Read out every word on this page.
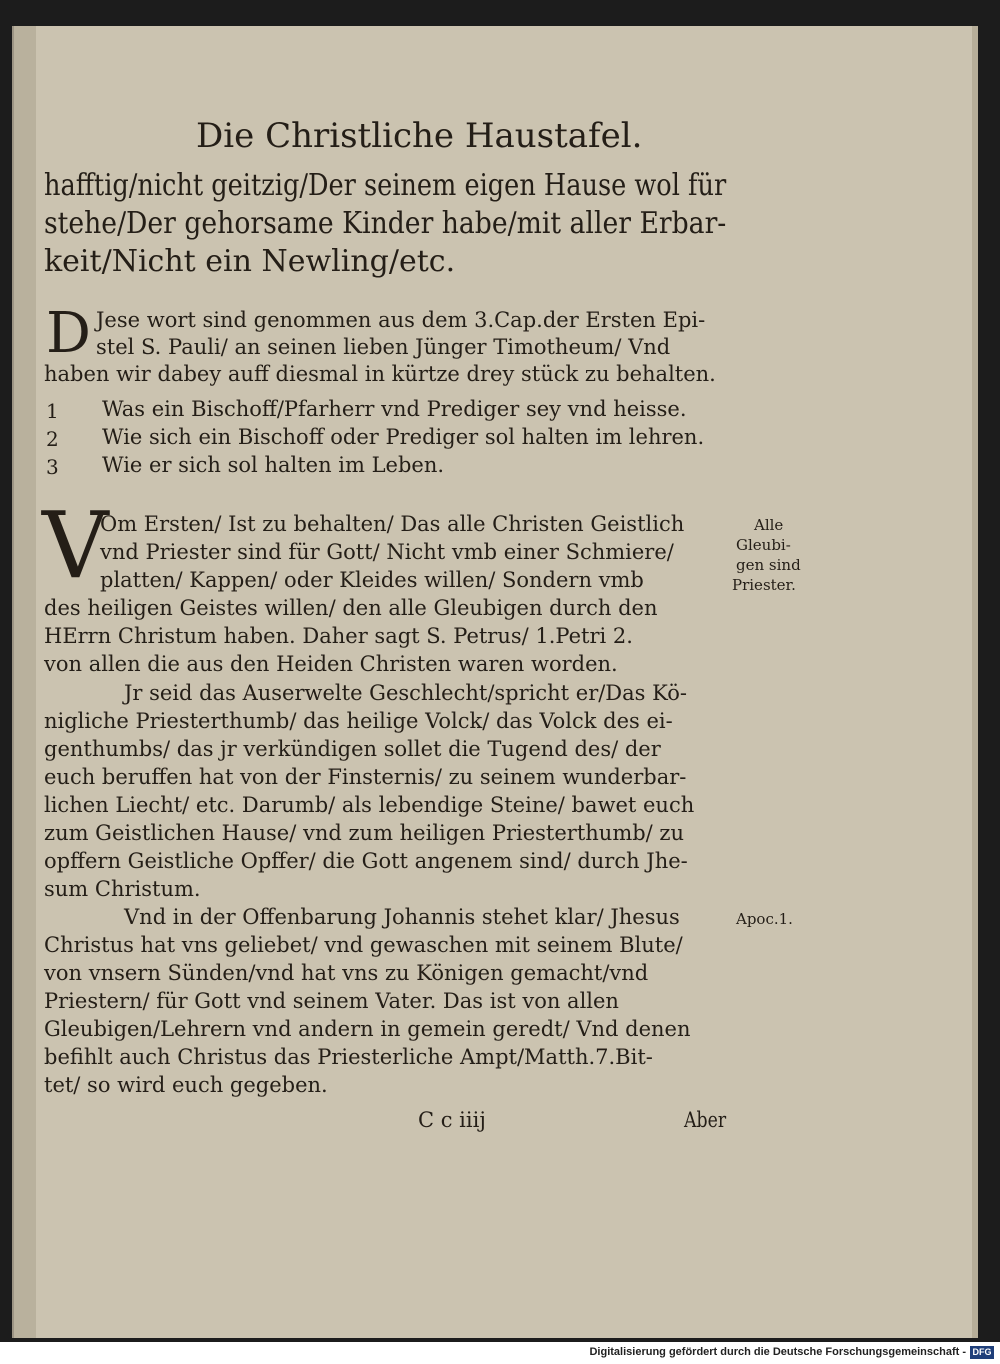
Die Christliche Haustafel.
hafftig/nicht geitzig/Der seinem eigen Hause wol für
stehe/Der gehorsame Kinder habe/mit aller Erbar-
keit/Nicht ein Newling/etc.
D Jese wort sind genommen aus dem 3.Cap.der Ersten Epi-
stel S. Pauli/ an seinen lieben Jünger Timotheum/ Vnd
haben wir dabey auff diesmal in kürtze drey stück zu behalten.
1 Was ein Bischoff/Pfarherr vnd Prediger sey vnd heisse.
2 Wie sich ein Bischoff oder Prediger sol halten im lehren.
3 Wie er sich sol halten im Leben.
V
Om Ersten/ Ist zu behalten/ Das alle Christen Geistlich
vnd Priester sind für Gott/ Nicht vmb einer Schmiere/
platten/ Kappen/ oder Kleides willen/ Sondern vmb
des heiligen Geistes willen/ den alle Gleubigen durch den
HErrn Christum haben. Daher sagt S. Petrus/ 1.Petri 2.
von allen die aus den Heiden Christen waren worden.
Jr seid das Auserwelte Geschlecht/spricht er/Das Kö-
nigliche Priesterthumb/ das heilige Volck/ das Volck des ei-
genthumbs/ das jr verkündigen sollet die Tugend des/ der
euch beruffen hat von der Finsternis/ zu seinem wunderbar-
lichen Liecht/ etc. Darumb/ als lebendige Steine/ bawet euch
zum Geistlichen Hause/ vnd zum heiligen Priesterthumb/ zu
opffern Geistliche Opffer/ die Gott angenem sind/ durch Jhe-
sum Christum.
Vnd in der Offenbarung Johannis stehet klar/ Jhesus
Christus hat vns geliebet/ vnd gewaschen mit seinem Blute/
von vnsern Sünden/vnd hat vns zu Königen gemacht/vnd
Priestern/ für Gott vnd seinem Vater. Das ist von allen
Gleubigen/Lehrern vnd andern in gemein geredt/ Vnd denen
befihlt auch Christus das Priesterliche Ampt/Matth.7.Bit-
tet/ so wird euch gegeben.
Alle
Gleubi-
gen sind
Priester.
Apoc.1.
C c iiij	Aber
Digitalisierung gefördert durch die Deutsche Forschungsgemeinschaft - DFG
